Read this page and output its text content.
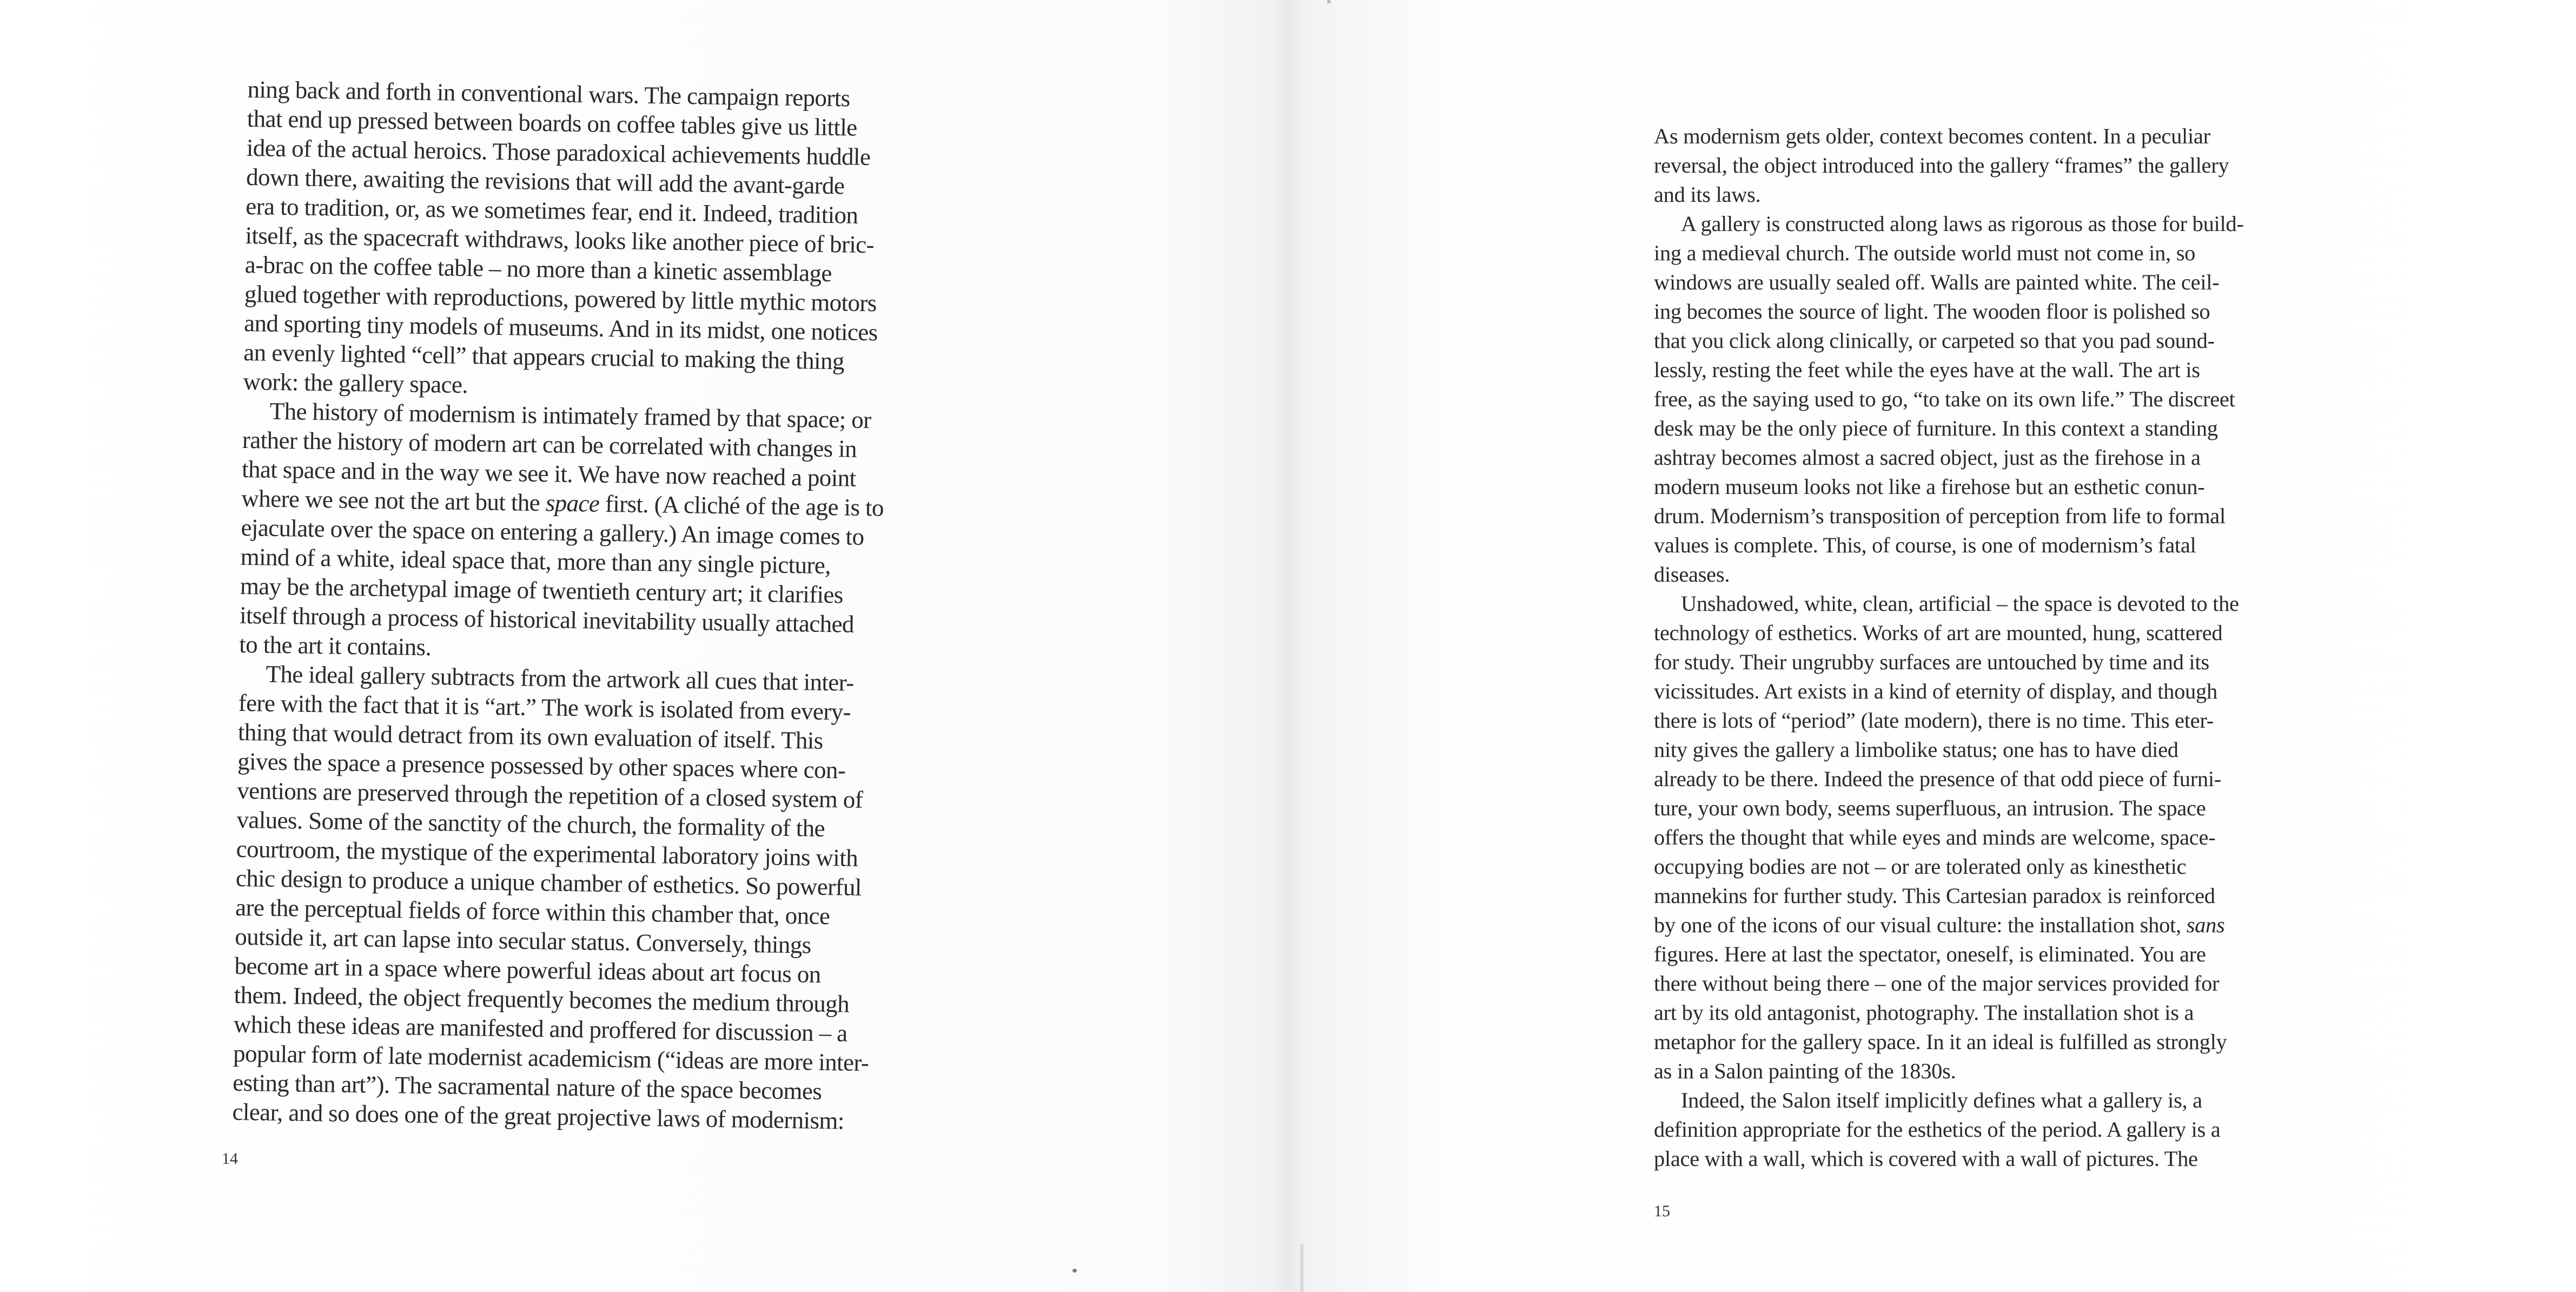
ning back and forth in conventional wars. The campaign reports
that end up pressed between boards on coffee tables give us little
idea of the actual heroics. Those paradoxical achievements huddle
down there, awaiting the revisions that will add the avant-garde
era to tradition, or, as we sometimes fear, end it. Indeed, tradition
itself, as the spacecraft withdraws, looks like another piece of bric-
a-brac on the coffee table – no more than a kinetic assemblage
glued together with reproductions, powered by little mythic motors
and sporting tiny models of museums. And in its midst, one notices
an evenly lighted “cell” that appears crucial to making the thing
work: the gallery space.
The history of modernism is intimately framed by that space; or
rather the history of modern art can be correlated with changes in
that space and in the way we see it. We have now reached a point
where we see not the art but the space first. (A cliché of the age is to
ejaculate over the space on entering a gallery.) An image comes to
mind of a white, ideal space that, more than any single picture,
may be the archetypal image of twentieth century art; it clarifies
itself through a process of historical inevitability usually attached
to the art it contains.
The ideal gallery subtracts from the artwork all cues that inter-
fere with the fact that it is “art.” The work is isolated from every-
thing that would detract from its own evaluation of itself. This
gives the space a presence possessed by other spaces where con-
ventions are preserved through the repetition of a closed system of
values. Some of the sanctity of the church, the formality of the
courtroom, the mystique of the experimental laboratory joins with
chic design to produce a unique chamber of esthetics. So powerful
are the perceptual fields of force within this chamber that, once
outside it, art can lapse into secular status. Conversely, things
become art in a space where powerful ideas about art focus on
them. Indeed, the object frequently becomes the medium through
which these ideas are manifested and proffered for discussion – a
popular form of late modernist academicism (“ideas are more inter-
esting than art”). The sacramental nature of the space becomes
clear, and so does one of the great projective laws of modernism:
14
As modernism gets older, context becomes content. In a peculiar
reversal, the object introduced into the gallery “frames” the gallery
and its laws.
A gallery is constructed along laws as rigorous as those for build-
ing a medieval church. The outside world must not come in, so
windows are usually sealed off. Walls are painted white. The ceil-
ing becomes the source of light. The wooden floor is polished so
that you click along clinically, or carpeted so that you pad sound-
lessly, resting the feet while the eyes have at the wall. The art is
free, as the saying used to go, “to take on its own life.” The discreet
desk may be the only piece of furniture. In this context a standing
ashtray becomes almost a sacred object, just as the firehose in a
modern museum looks not like a firehose but an esthetic conun-
drum. Modernism’s transposition of perception from life to formal
values is complete. This, of course, is one of modernism’s fatal
diseases.
Unshadowed, white, clean, artificial – the space is devoted to the
technology of esthetics. Works of art are mounted, hung, scattered
for study. Their ungrubby surfaces are untouched by time and its
vicissitudes. Art exists in a kind of eternity of display, and though
there is lots of “period” (late modern), there is no time. This eter-
nity gives the gallery a limbolike status; one has to have died
already to be there. Indeed the presence of that odd piece of furni-
ture, your own body, seems superfluous, an intrusion. The space
offers the thought that while eyes and minds are welcome, space-
occupying bodies are not – or are tolerated only as kinesthetic
mannekins for further study. This Cartesian paradox is reinforced
by one of the icons of our visual culture: the installation shot, sans
figures. Here at last the spectator, oneself, is eliminated. You are
there without being there – one of the major services provided for
art by its old antagonist, photography. The installation shot is a
metaphor for the gallery space. In it an ideal is fulfilled as strongly
as in a Salon painting of the 1830s.
Indeed, the Salon itself implicitly defines what a gallery is, a
definition appropriate for the esthetics of the period. A gallery is a
place with a wall, which is covered with a wall of pictures. The
15
